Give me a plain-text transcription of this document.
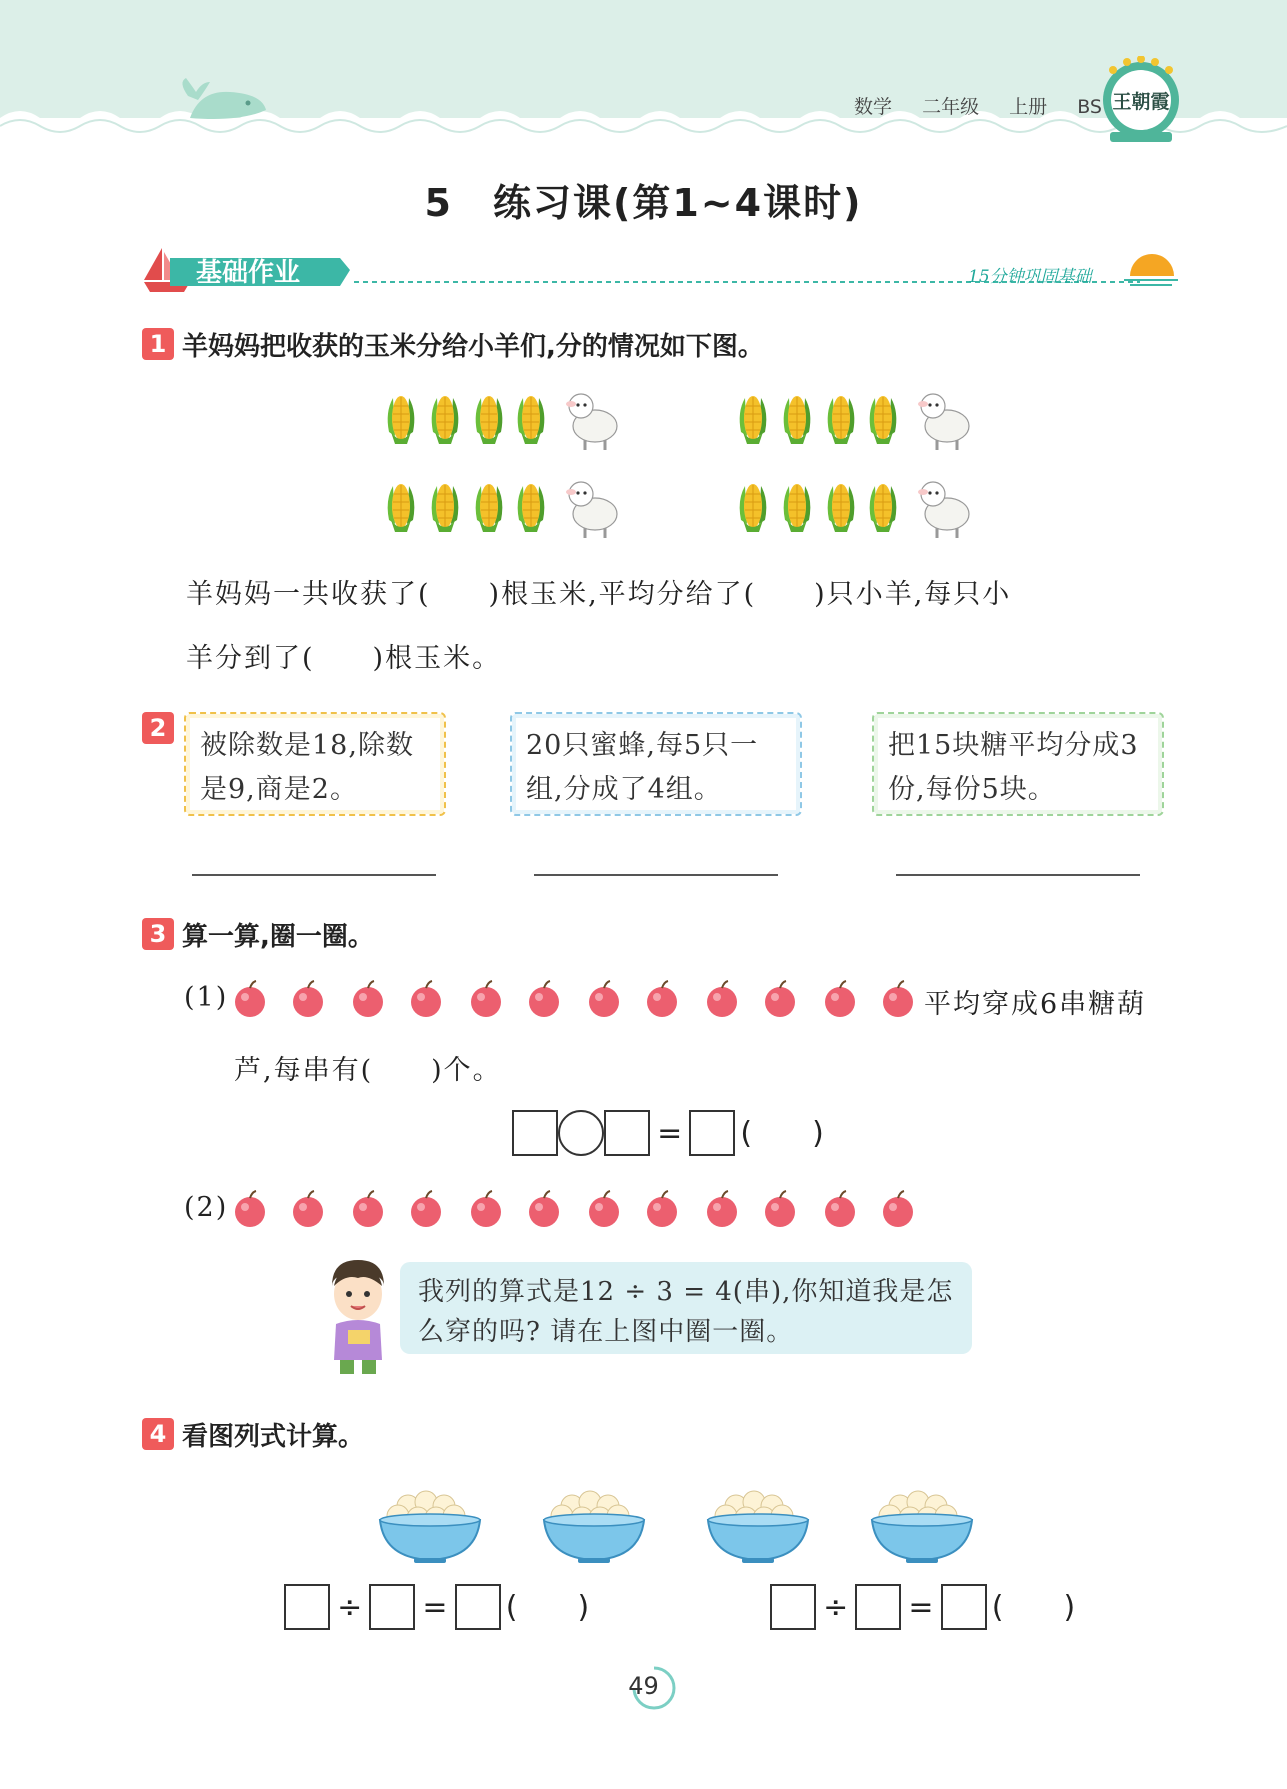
数学 二年级 上册 BS 王朝霞
5　练习课(第1~4课时)
基础作业	15分钟巩固基础
1 羊妈妈把收获的玉米分给小羊们,分的情况如下图。
羊妈妈一共收获了(　　)根玉米,平均分给了(　　)只小羊,每只小
羊分到了(　　)根玉米。
2
被除数是18,除数是9,商是2。
20只蜜蜂,每5只一组,分成了4组。
把15块糖平均分成3份,每份5块。
3 算一算,圈一圈。
(1)	平均穿成6串糖葫
芦,每串有(　　)个。
= (  )
(2)
我列的算式是12 ÷ 3 = 4(串),你知道我是怎么穿的吗? 请在上图中圈一圈。
4 看图列式计算。
÷ = (  )	÷ = (  )
49
